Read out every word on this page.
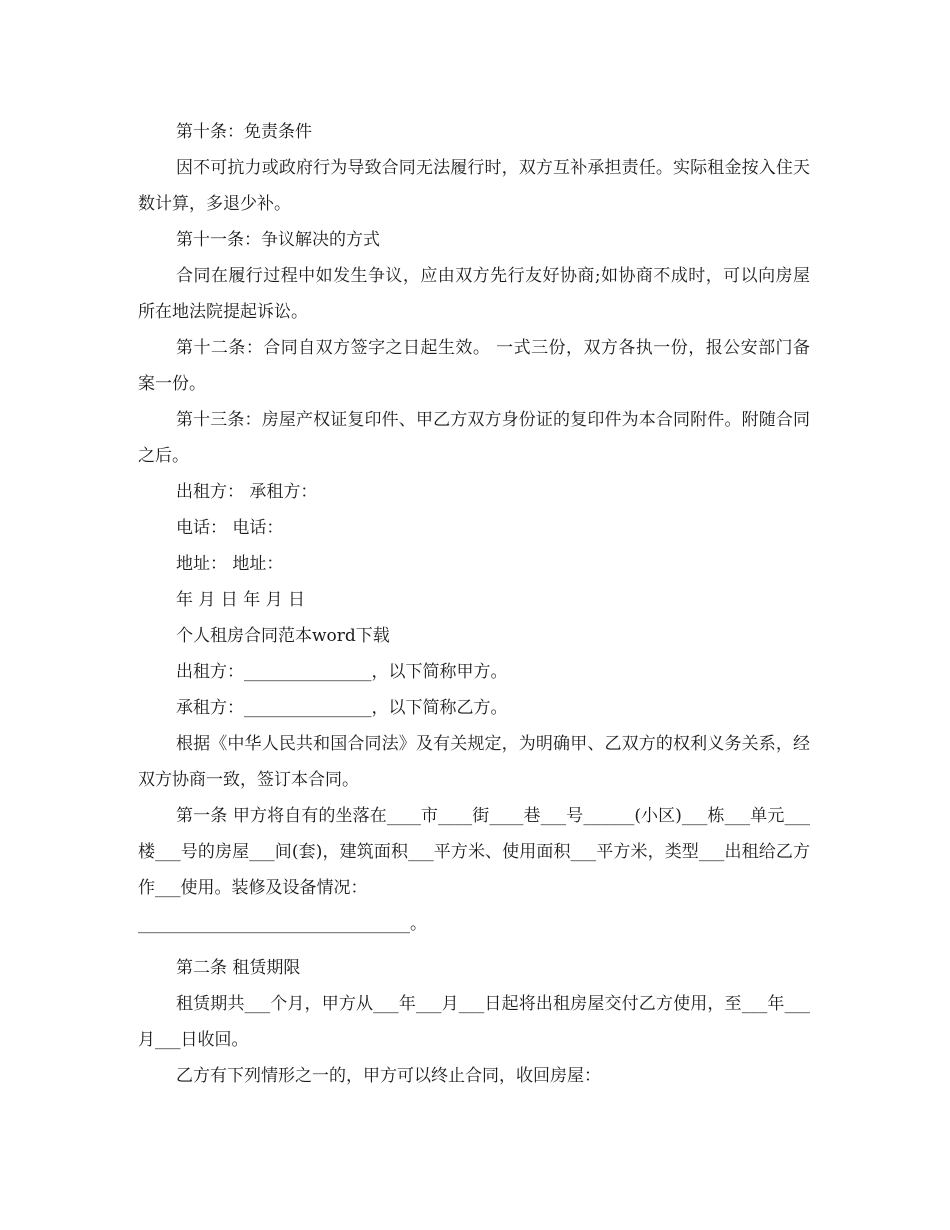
第十条：免责条件

因不可抗力或政府行为导致合同无法履行时，双方互补承担责任。实际租金按入住天数计算，多退少补。

第十一条：争议解决的方式

合同在履行过程中如发生争议，应由双方先行友好协商;如协商不成时，可以向房屋所在地法院提起诉讼。

第十二条：合同自双方签字之日起生效。 一式三份，双方各执一份，报公安部门备案一份。

第十三条：房屋产权证复印件、甲乙方双方身份证的复印件为本合同附件。附随合同之后。

出租方： 承租方：

电话： 电话：

地址： 地址：

年 月 日 年 月 日

个人租房合同范本word下载

出租方：_______________，以下简称甲方。

承租方：_______________，以下简称乙方。

根据《中华人民共和国合同法》及有关规定，为明确甲、乙双方的权利义务关系，经双方协商一致，签订本合同。

第一条 甲方将自有的坐落在____市____街____巷___号______(小区)___栋___单元___楼___号的房屋___间(套)，建筑面积___平方米、使用面积___平方米，类型___出租给乙方作___使用。装修及设备情况：

________________________________。

第二条 租赁期限

租赁期共___个月，甲方从___年___月___日起将出租房屋交付乙方使用，至___年___月___日收回。

乙方有下列情形之一的，甲方可以终止合同，收回房屋：
